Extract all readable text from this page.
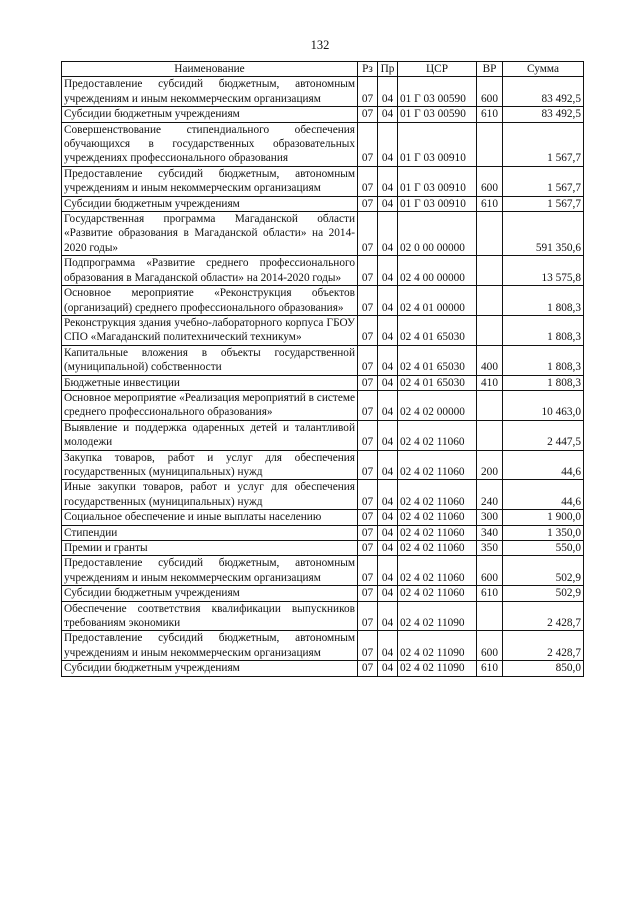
132
Наименование	Рз	Пр	ЦСР	ВР	Сумма
Предоставление субсидий бюджетным, автономным учреждениям и иным некоммерческим организациям	07	04	01 Г 03 00590	600	83 492,5
Субсидии бюджетным учреждениям	07	04	01 Г 03 00590	610	83 492,5
Совершенствование стипендиального обеспечения обучающихся в государственных образовательных учреждениях профессионального образования	07	04	01 Г 03 00910		1 567,7
Предоставление субсидий бюджетным, автономным учреждениям и иным некоммерческим организациям	07	04	01 Г 03 00910	600	1 567,7
Субсидии бюджетным учреждениям	07	04	01 Г 03 00910	610	1 567,7
Государственная программа Магаданской области «Развитие образования в Магаданской области» на 2014-2020 годы»	07	04	02 0 00 00000		591 350,6
Подпрограмма «Развитие среднего профессионального образования в Магаданской области» на 2014-2020 годы»	07	04	02 4 00 00000		13 575,8
Основное мероприятие «Реконструкция объектов (организаций) среднего профессионального образования»	07	04	02 4 01 00000		1 808,3
Реконструкция здания учебно-лабораторного корпуса ГБОУ СПО «Магаданский политехнический техникум»	07	04	02 4 01 65030		1 808,3
Капитальные вложения в объекты государственной (муниципальной) собственности	07	04	02 4 01 65030	400	1 808,3
Бюджетные инвестиции	07	04	02 4 01 65030	410	1 808,3
Основное мероприятие «Реализация мероприятий в системе среднего профессионального образования»	07	04	02 4 02 00000		10 463,0
Выявление и поддержка одаренных детей и талантливой молодежи	07	04	02 4 02 11060		2 447,5
Закупка товаров, работ и услуг для обеспечения государственных (муниципальных) нужд	07	04	02 4 02 11060	200	44,6
Иные закупки товаров, работ и услуг для обеспечения государственных (муниципальных) нужд	07	04	02 4 02 11060	240	44,6
Социальное обеспечение и иные выплаты населению	07	04	02 4 02 11060	300	1 900,0
Стипендии	07	04	02 4 02 11060	340	1 350,0
Премии и гранты	07	04	02 4 02 11060	350	550,0
Предоставление субсидий бюджетным, автономным учреждениям и иным некоммерческим организациям	07	04	02 4 02 11060	600	502,9
Субсидии бюджетным учреждениям	07	04	02 4 02 11060	610	502,9
Обеспечение соответствия квалификации выпускников требованиям экономики	07	04	02 4 02 11090		2 428,7
Предоставление субсидий бюджетным, автономным учреждениям и иным некоммерческим организациям	07	04	02 4 02 11090	600	2 428,7
Субсидии бюджетным учреждениям	07	04	02 4 02 11090	610	850,0
